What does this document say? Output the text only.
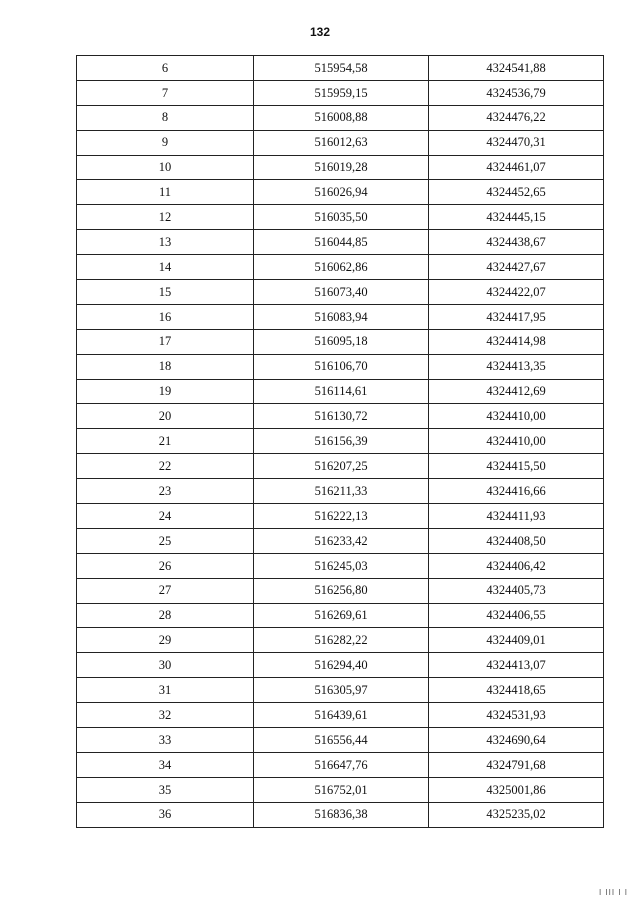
132
6	515954,58	4324541,88
7	515959,15	4324536,79
8	516008,88	4324476,22
9	516012,63	4324470,31
10	516019,28	4324461,07
11	516026,94	4324452,65
12	516035,50	4324445,15
13	516044,85	4324438,67
14	516062,86	4324427,67
15	516073,40	4324422,07
16	516083,94	4324417,95
17	516095,18	4324414,98
18	516106,70	4324413,35
19	516114,61	4324412,69
20	516130,72	4324410,00
21	516156,39	4324410,00
22	516207,25	4324415,50
23	516211,33	4324416,66
24	516222,13	4324411,93
25	516233,42	4324408,50
26	516245,03	4324406,42
27	516256,80	4324405,73
28	516269,61	4324406,55
29	516282,22	4324409,01
30	516294,40	4324413,07
31	516305,97	4324418,65
32	516439,61	4324531,93
33	516556,44	4324690,64
34	516647,76	4324791,68
35	516752,01	4325001,86
36	516836,38	4325235,02
I III I I
